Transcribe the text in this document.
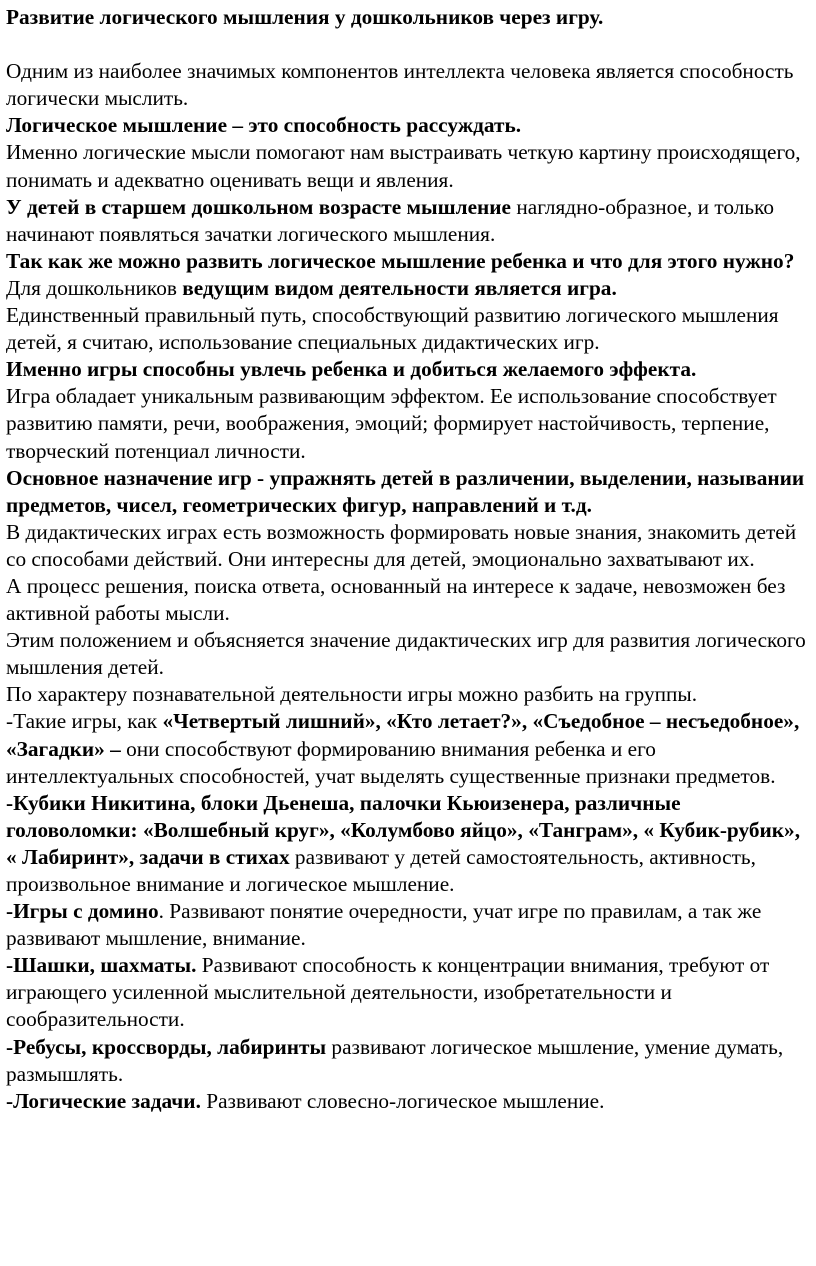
Развитие логического мышления у дошкольников через игру.

Одним из наиболее значимых компонентов интеллекта человека является способность логически мыслить.

Логическое мышление – это способность рассуждать.

Именно логические мысли помогают нам выстраивать четкую картину происходящего, понимать и адекватно оценивать вещи и явления.

У детей в старшем дошкольном возрасте мышление наглядно-образное, и только начинают появляться зачатки логического мышления.

Так как же можно развить логическое мышление ребенка и что для этого нужно?

Для дошкольников ведущим видом деятельности является игра.

Единственный правильный путь, способствующий развитию логического мышления детей, я считаю, использование специальных дидактических игр.

Именно игры способны увлечь ребенка и добиться желаемого эффекта.

Игра обладает уникальным развивающим эффектом. Ее использование способствует развитию памяти, речи, воображения, эмоций; формирует настойчивость, терпение, творческий потенциал личности.

Основное назначение игр - упражнять детей в различении, выделении, назывании предметов, чисел, геометрических фигур, направлений и т.д.

В дидактических играх есть возможность формировать новые знания, знакомить детей со способами действий. Они интересны для детей, эмоционально захватывают их.

А процесс решения, поиска ответа, основанный на интересе к задаче, невозможен без активной работы мысли.

Этим положением и объясняется значение дидактических игр для развития логического мышления детей.

По характеру познавательной деятельности игры можно разбить на группы.

-Такие игры, как «Четвертый лишний», «Кто летает?», «Съедобное – несъедобное», «Загадки» – они способствуют формированию внимания ребенка и его интеллектуальных способностей, учат выделять существенные признаки предметов.

-Кубики Никитина, блоки Дьенеша, палочки Кьюизенера, различные головоломки: «Волшебный круг», «Колумбово яйцо», «Танграм», « Кубик-рубик», « Лабиринт», задачи в стихах развивают у детей самостоятельность, активность, произвольное внимание и логическое мышление.

-Игры с домино. Развивают понятие очередности, учат игре по правилам, а так же развивают мышление, внимание.

-Шашки, шахматы. Развивают способность к концентрации внимания, требуют от играющего усиленной мыслительной деятельности, изобретательности и сообразительности.

-Ребусы, кроссворды, лабиринты развивают логическое мышление, умение думать, размышлять.

-Логические задачи. Развивают словесно-логическое мышление.
